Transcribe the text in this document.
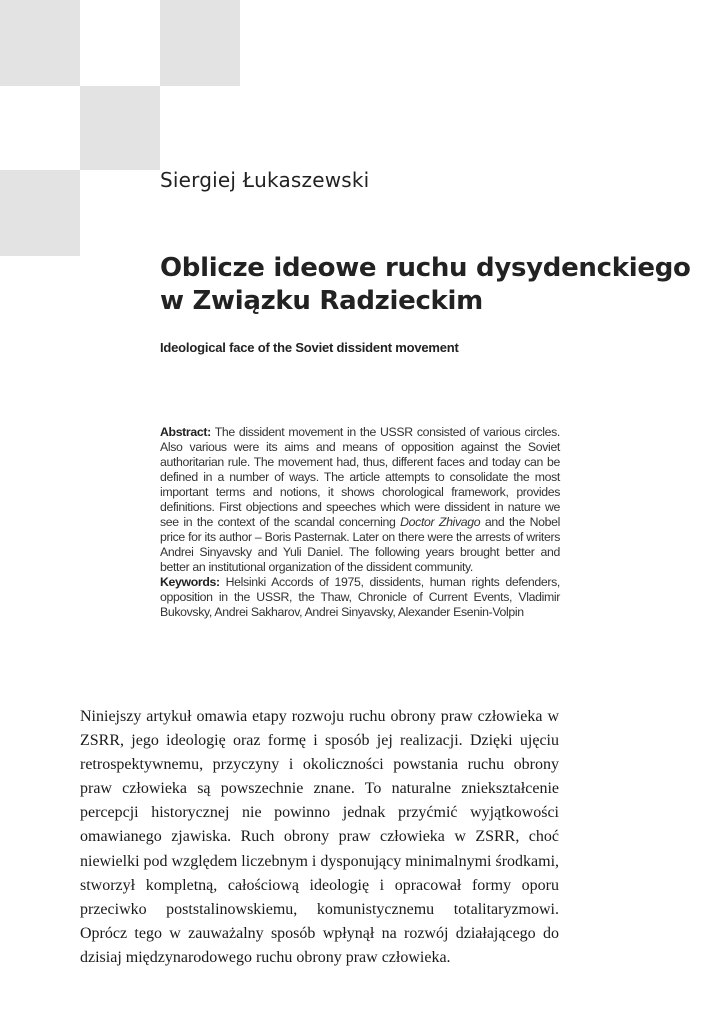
Siergiej Łukaszewski
Oblicze ideowe ruchu dysydenckiego
w Związku Radzieckim
Ideological face of the Soviet dissident movement

Abstract: The dissident movement in the USSR consisted of various circles. Also various were its aims and means of opposition against the Soviet authoritarian rule. The movement had, thus, different faces and today can be defined in a number of ways. The article attempts to consolidate the most important terms and notions, it shows chorological framework, provides definitions. First objections and speeches which were dissident in nature we see in the context of the scandal concerning Doctor Zhivago and the Nobel price for its author – Boris Pasternak. Later on there were the arrests of writers Andrei Sinyavsky and Yuli Daniel. The following years brought better and better an institutional organization of the dissident community.

Keywords: Helsinki Accords of 1975, dissidents, human rights defenders, opposition in the USSR, the Thaw, Chronicle of Current Events, Vladimir Bukovsky, Andrei Sakharov, Andrei Sinyavsky, Alexander Esenin-Volpin

Niniejszy artykuł omawia etapy rozwoju ruchu obrony praw człowieka w ZSRR, jego ideologię oraz formę i sposób jej realizacji. Dzięki ujęciu retrospektywnemu, przyczyny i okoliczności powstania ruchu obrony praw człowieka są powszechnie znane. To naturalne zniekształcenie percepcji historycznej nie powinno jednak przyćmić wyjątkowości omawianego zjawiska. Ruch obrony praw człowieka w ZSRR, choć niewielki pod względem liczebnym i dysponujący minimalnymi środkami, stworzył kompletną, całościową ideologię i opracował formy oporu przeciwko poststalinowskiemu, komunistycznemu totalitaryzmowi. Oprócz tego w zauważalny sposób wpłynął na rozwój działającego do dzisiaj międzynarodowego ruchu obrony praw człowieka.
